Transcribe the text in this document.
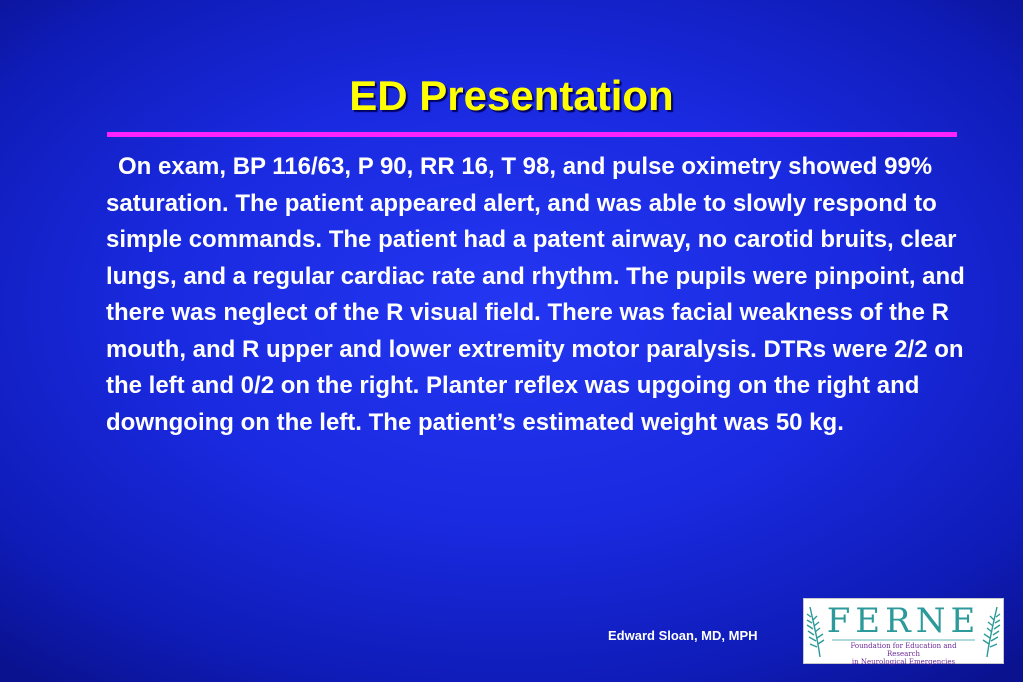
ED Presentation

On exam, BP 116/63, P 90, RR 16, T 98, and pulse oximetry showed 99% saturation. The patient appeared alert, and was able to slowly respond to simple commands. The patient had a patent airway, no carotid bruits, clear lungs, and a regular cardiac rate and rhythm. The pupils were pinpoint, and there was neglect of the R visual field. There was facial weakness of the R mouth, and R upper and lower extremity motor paralysis. DTRs were 2/2 on the left and 0/2 on the right. Planter reflex was upgoing on the right and downgoing on the left. The patient’s estimated weight was 50 kg.

Edward Sloan, MD, MPH	FERNE
Foundation for Education and Research
in Neurological Emergencies
